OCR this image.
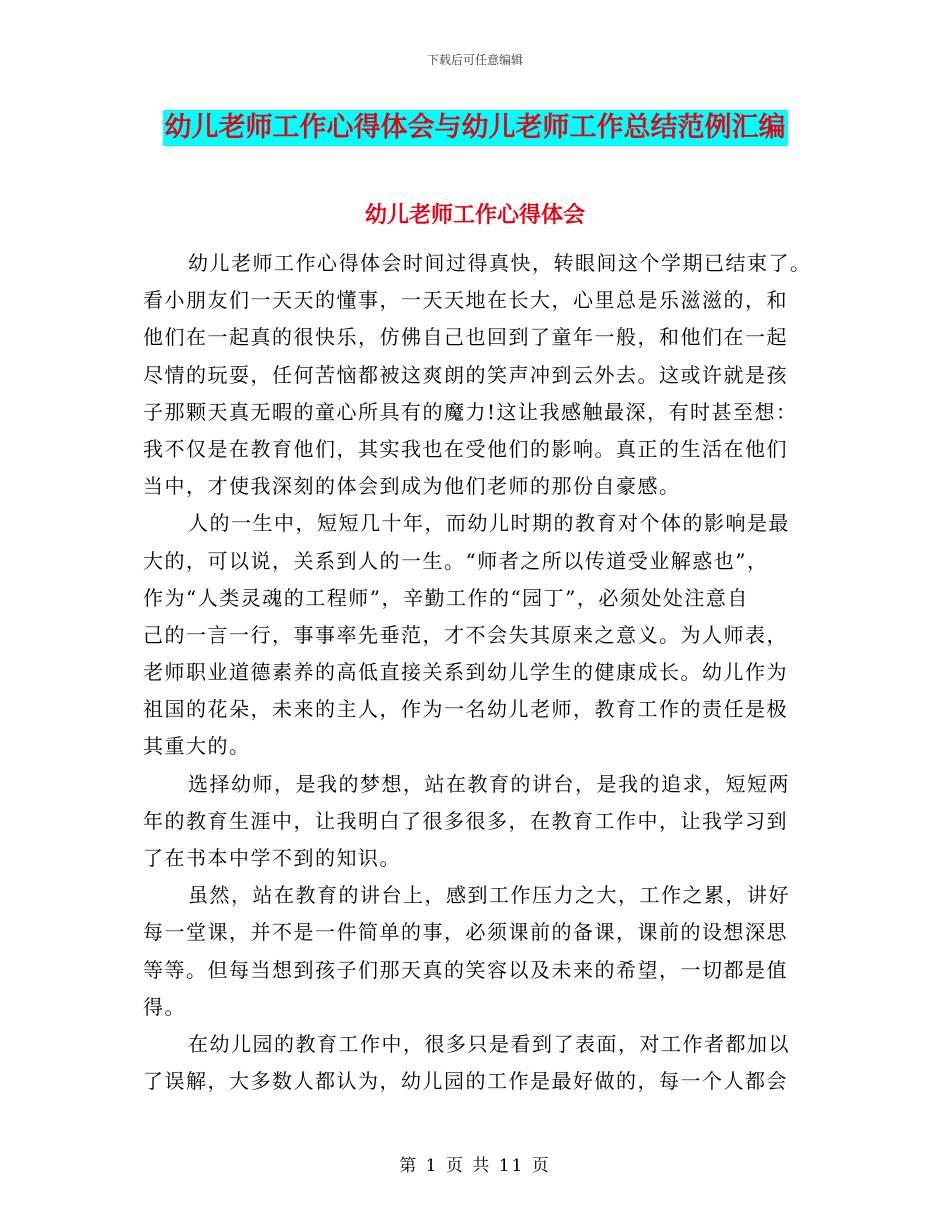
下载后可任意编辑
幼儿老师工作心得体会与幼儿老师工作总结范例汇编
幼儿老师工作心得体会
幼儿老师工作心得体会时间过得真快，转眼间这个学期已结束了。
看小朋友们一天天的懂事，一天天地在长大，心里总是乐滋滋的，和
他们在一起真的很快乐，仿佛自己也回到了童年一般，和他们在一起
尽情的玩耍，任何苦恼都被这爽朗的笑声冲到云外去。这或许就是孩
子那颗天真无暇的童心所具有的魔力!这让我感触最深，有时甚至想：
我不仅是在教育他们，其实我也在受他们的影响。真正的生活在他们
当中，才使我深刻的体会到成为他们老师的那份自豪感。
人的一生中，短短几十年，而幼儿时期的教育对个体的影响是最
大的，可以说，关系到人的一生。“师者之所以传道受业解惑也”，
作为“人类灵魂的工程师”，辛勤工作的“园丁”，必须处处注意自
己的一言一行，事事率先垂范，才不会失其原来之意义。为人师表，
老师职业道德素养的高低直接关系到幼儿学生的健康成长。幼儿作为
祖国的花朵，未来的主人，作为一名幼儿老师，教育工作的责任是极
其重大的。
选择幼师，是我的梦想，站在教育的讲台，是我的追求，短短两
年的教育生涯中，让我明白了很多很多，在教育工作中，让我学习到
了在书本中学不到的知识。
虽然，站在教育的讲台上，感到工作压力之大，工作之累，讲好
每一堂课，并不是一件简单的事，必须课前的备课，课前的设想深思
等等。但每当想到孩子们那天真的笑容以及未来的希望，一切都是值
得。
在幼儿园的教育工作中，很多只是看到了表面，对工作者都加以
了误解，大多数人都认为，幼儿园的工作是最好做的，每一个人都会
第 1 页 共 11 页
